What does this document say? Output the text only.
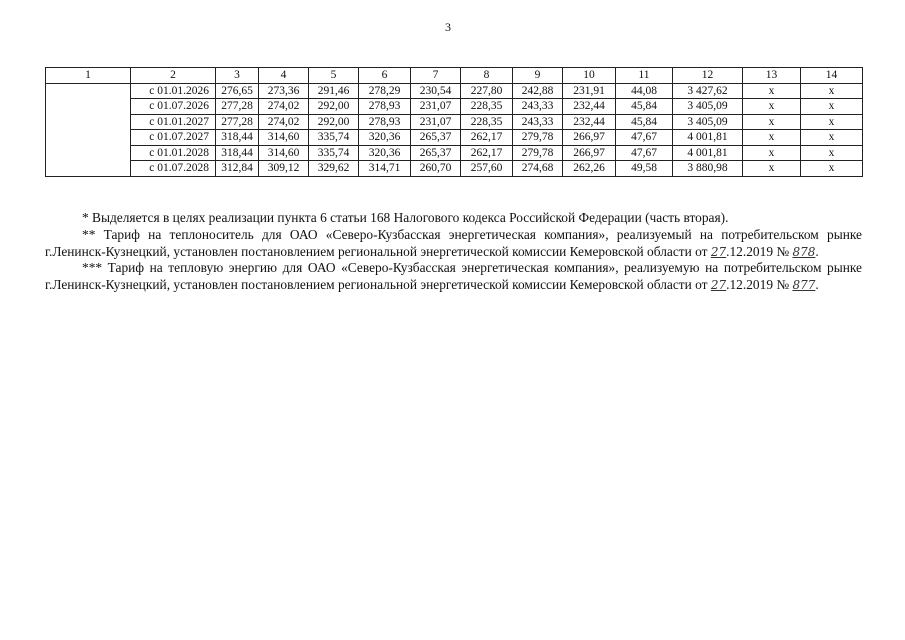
3
1	2	3	4	5	6	7	8	9	10	11	12	13	14
	с 01.01.2026	276,65	273,36	291,46	278,29	230,54	227,80	242,88	231,91	44,08	3 427,62	х	х
	с 01.07.2026	277,28	274,02	292,00	278,93	231,07	228,35	243,33	232,44	45,84	3 405,09	х	х
	с 01.01.2027	277,28	274,02	292,00	278,93	231,07	228,35	243,33	232,44	45,84	3 405,09	х	х
	с 01.07.2027	318,44	314,60	335,74	320,36	265,37	262,17	279,78	266,97	47,67	4 001,81	х	х
	с 01.01.2028	318,44	314,60	335,74	320,36	265,37	262,17	279,78	266,97	47,67	4 001,81	х	х
	с 01.07.2028	312,84	309,12	329,62	314,71	260,70	257,60	274,68	262,26	49,58	3 880,98	х	х

* Выделяется в целях реализации пункта 6 статьи 168 Налогового кодекса Российской Федерации (часть вторая).

** Тариф на теплоноситель для ОАО «Северо-Кузбасская энергетическая компания», реализуемый на потребительском рынке г.Ленинск-Кузнецкий, установлен постановлением региональной энергетической комиссии Кемеровской области от 27.12.2019 № 878.

*** Тариф на тепловую энергию для ОАО «Северо-Кузбасская энергетическая компания», реализуемую на потребительском рынке г.Ленинск-Кузнецкий, установлен постановлением региональной энергетической комиссии Кемеровской области от 27.12.2019 № 877.
